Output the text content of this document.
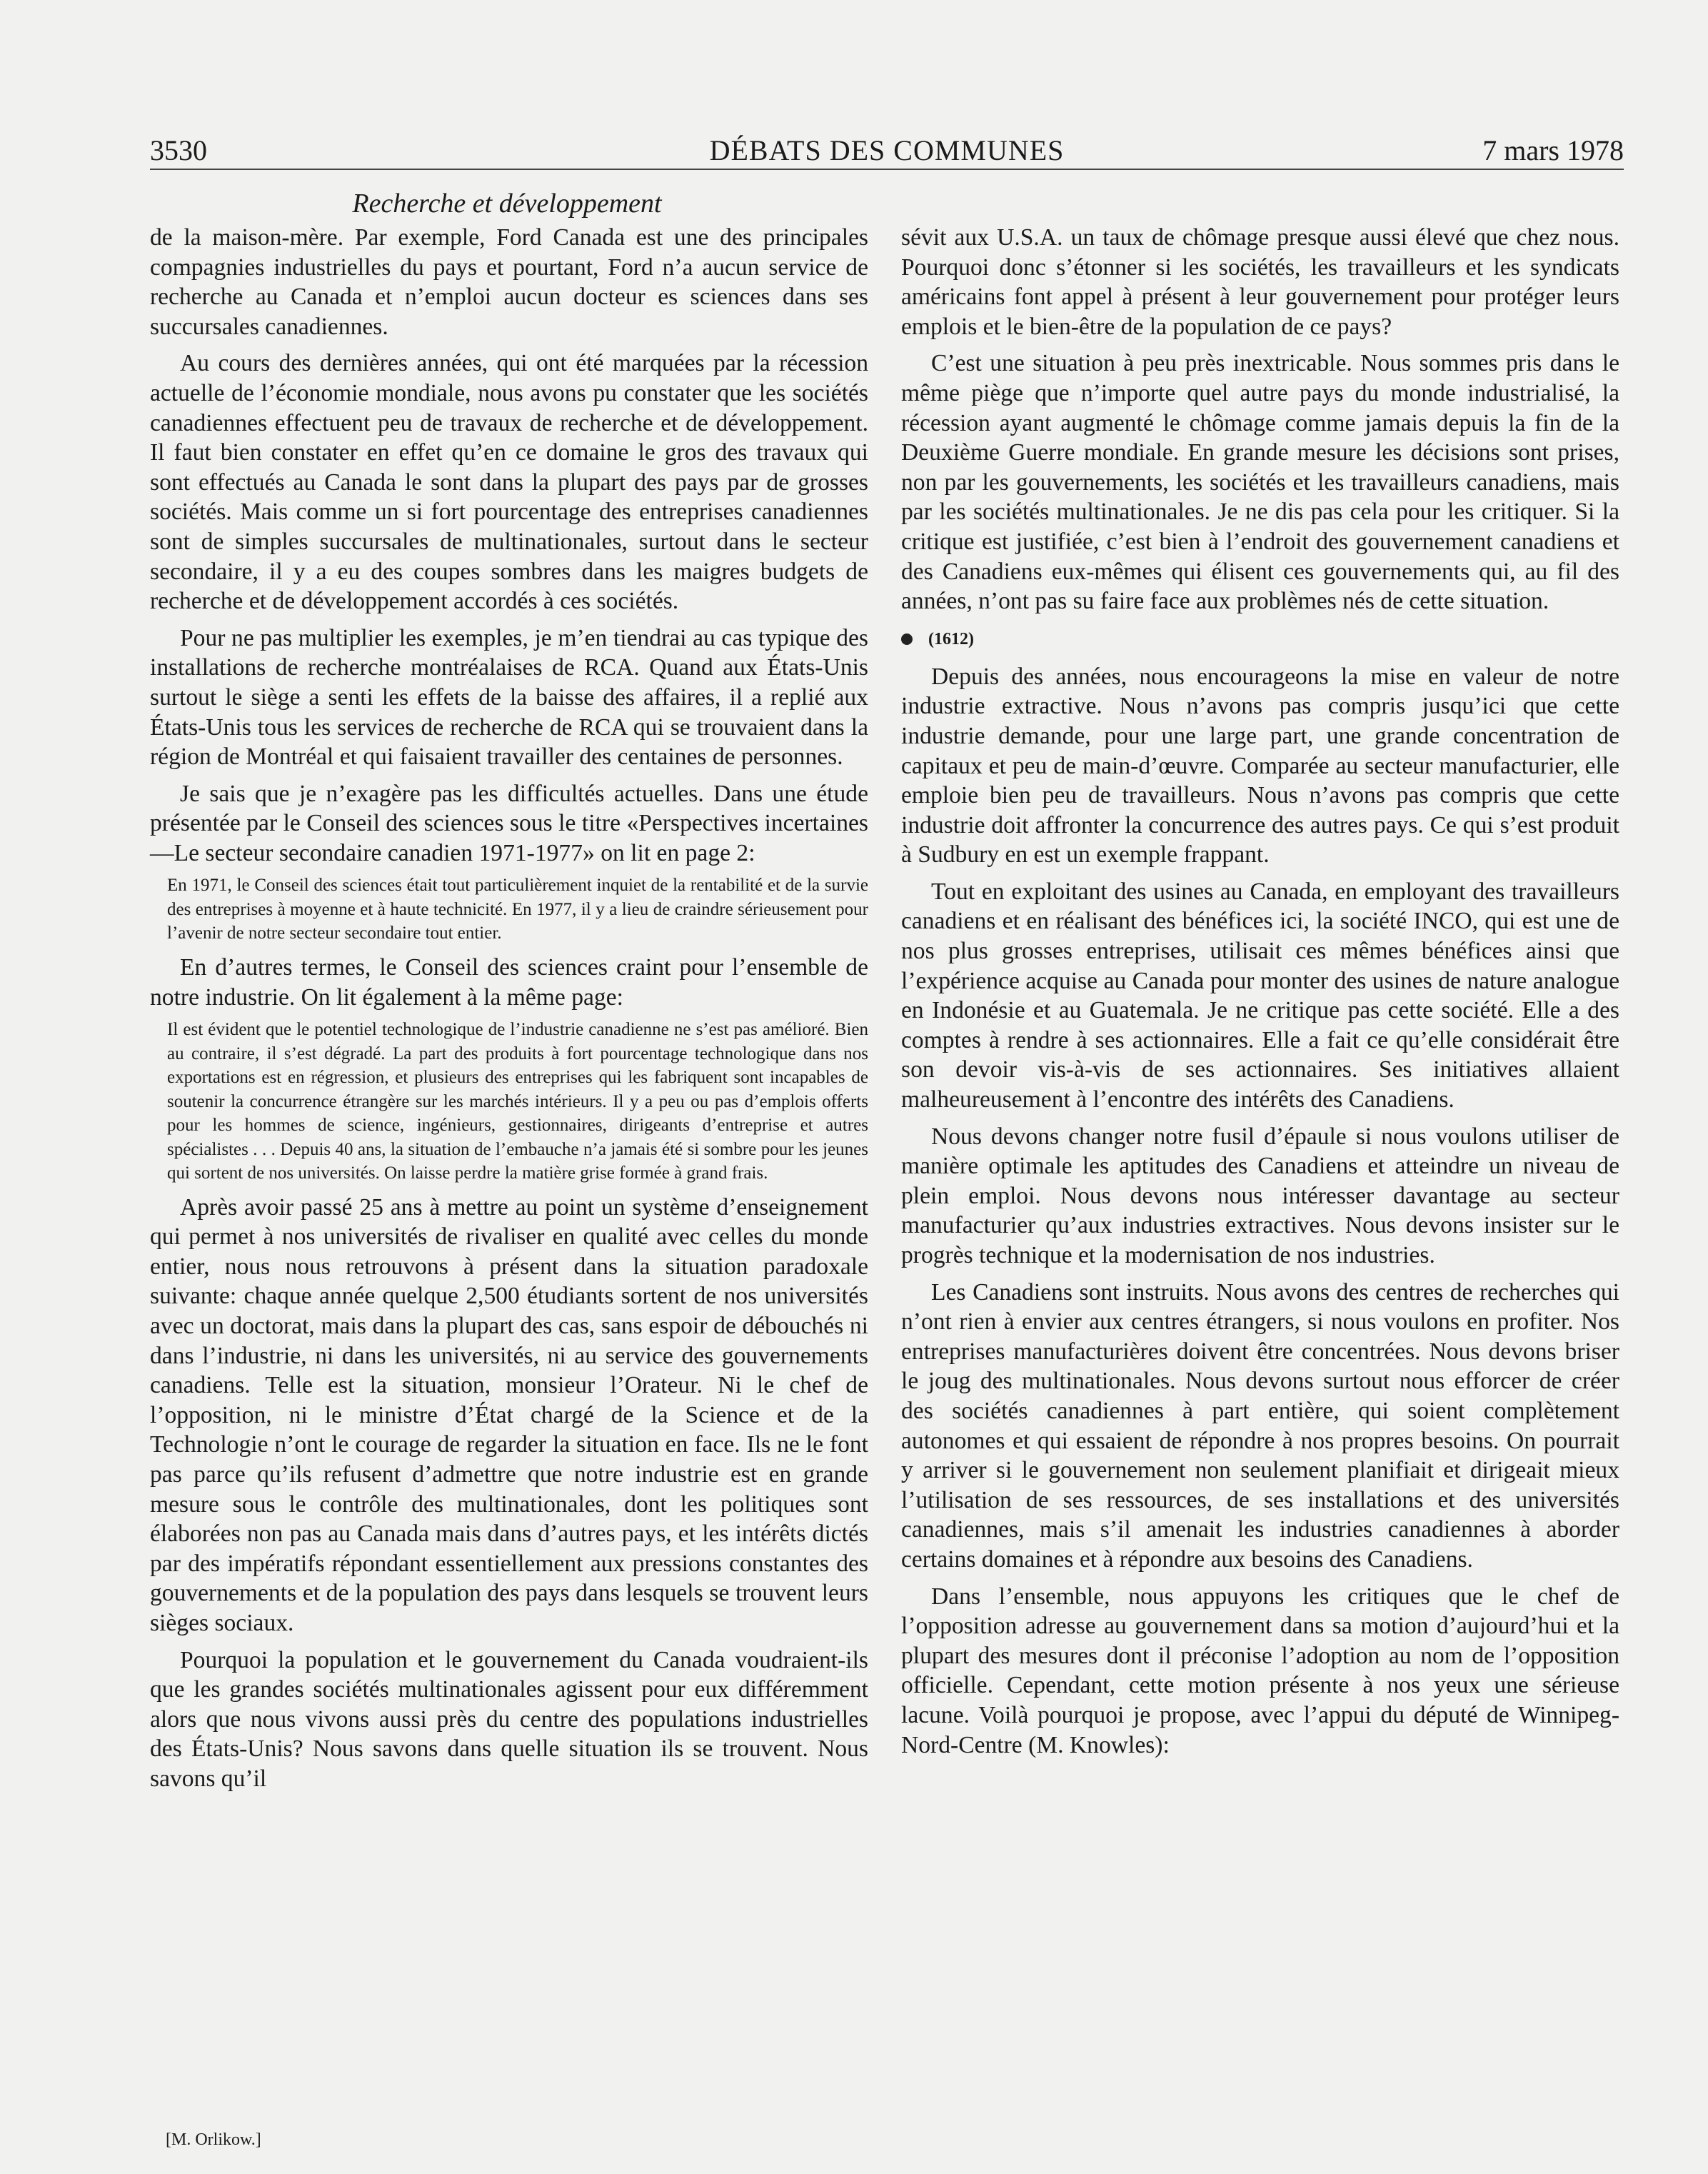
3530	DÉBATS DES COMMUNES	7 mars 1978
Recherche et développement

de la maison-mère. Par exemple, Ford Canada est une des principales compagnies industrielles du pays et pourtant, Ford n’a aucun service de recherche au Canada et n’emploi aucun docteur es sciences dans ses succursales canadiennes.

Au cours des dernières années, qui ont été marquées par la récession actuelle de l’économie mondiale, nous avons pu constater que les sociétés canadiennes effectuent peu de travaux de recherche et de développement. Il faut bien constater en effet qu’en ce domaine le gros des travaux qui sont effectués au Canada le sont dans la plupart des pays par de grosses sociétés. Mais comme un si fort pourcentage des entreprises canadiennes sont de simples succursales de multinationales, surtout dans le secteur secondaire, il y a eu des coupes sombres dans les maigres budgets de recherche et de développement accordés à ces sociétés.

Pour ne pas multiplier les exemples, je m’en tiendrai au cas typique des installations de recherche montréalaises de RCA. Quand aux États-Unis surtout le siège a senti les effets de la baisse des affaires, il a replié aux États-Unis tous les services de recherche de RCA qui se trouvaient dans la région de Montréal et qui faisaient travailler des centaines de personnes.

Je sais que je n’exagère pas les difficultés actuelles. Dans une étude présentée par le Conseil des sciences sous le titre «Perspectives incertaines—Le secteur secondaire canadien 1971-1977» on lit en page 2:

En 1971, le Conseil des sciences était tout particulièrement inquiet de la rentabilité et de la survie des entreprises à moyenne et à haute technicité. En 1977, il y a lieu de craindre sérieusement pour l’avenir de notre secteur secondaire tout entier.

En d’autres termes, le Conseil des sciences craint pour l’ensemble de notre industrie. On lit également à la même page:

Il est évident que le potentiel technologique de l’industrie canadienne ne s’est pas amélioré. Bien au contraire, il s’est dégradé. La part des produits à fort pourcentage technologique dans nos exportations est en régression, et plusieurs des entreprises qui les fabriquent sont incapables de soutenir la concurrence étrangère sur les marchés intérieurs. Il y a peu ou pas d’emplois offerts pour les hommes de science, ingénieurs, gestionnaires, dirigeants d’entreprise et autres spécialistes . . . Depuis 40 ans, la situation de l’embauche n’a jamais été si sombre pour les jeunes qui sortent de nos universités. On laisse perdre la matière grise formée à grand frais.

Après avoir passé 25 ans à mettre au point un système d’enseignement qui permet à nos universités de rivaliser en qualité avec celles du monde entier, nous nous retrouvons à présent dans la situation paradoxale suivante: chaque année quelque 2,500 étudiants sortent de nos universités avec un doctorat, mais dans la plupart des cas, sans espoir de débouchés ni dans l’industrie, ni dans les universités, ni au service des gouvernements canadiens. Telle est la situation, monsieur l’Orateur. Ni le chef de l’opposition, ni le ministre d’État chargé de la Science et de la Technologie n’ont le courage de regarder la situation en face. Ils ne le font pas parce qu’ils refusent d’admettre que notre industrie est en grande mesure sous le contrôle des multinationales, dont les politiques sont élaborées non pas au Canada mais dans d’autres pays, et les intérêts dictés par des impératifs répondant essentiellement aux pressions constantes des gouvernements et de la population des pays dans lesquels se trouvent leurs sièges sociaux.

Pourquoi la population et le gouvernement du Canada voudraient-ils que les grandes sociétés multinationales agissent pour eux différemment alors que nous vivons aussi près du centre des populations industrielles des États-Unis? Nous savons dans quelle situation ils se trouvent. Nous savons qu’il

[M. Orlikow.]

sévit aux U.S.A. un taux de chômage presque aussi élevé que chez nous. Pourquoi donc s’étonner si les sociétés, les travailleurs et les syndicats américains font appel à présent à leur gouvernement pour protéger leurs emplois et le bien-être de la population de ce pays?

C’est une situation à peu près inextricable. Nous sommes pris dans le même piège que n’importe quel autre pays du monde industrialisé, la récession ayant augmenté le chômage comme jamais depuis la fin de la Deuxième Guerre mondiale. En grande mesure les décisions sont prises, non par les gouvernements, les sociétés et les travailleurs canadiens, mais par les sociétés multinationales. Je ne dis pas cela pour les critiquer. Si la critique est justifiée, c’est bien à l’endroit des gouvernement canadiens et des Canadiens eux-mêmes qui élisent ces gouvernements qui, au fil des années, n’ont pas su faire face aux problèmes nés de cette situation.

(1612)

Depuis des années, nous encourageons la mise en valeur de notre industrie extractive. Nous n’avons pas compris jusqu’ici que cette industrie demande, pour une large part, une grande concentration de capitaux et peu de main-d’œuvre. Comparée au secteur manufacturier, elle emploie bien peu de travailleurs. Nous n’avons pas compris que cette industrie doit affronter la concurrence des autres pays. Ce qui s’est produit à Sudbury en est un exemple frappant.

Tout en exploitant des usines au Canada, en employant des travailleurs canadiens et en réalisant des bénéfices ici, la société INCO, qui est une de nos plus grosses entreprises, utilisait ces mêmes bénéfices ainsi que l’expérience acquise au Canada pour monter des usines de nature analogue en Indonésie et au Guatemala. Je ne critique pas cette société. Elle a des comptes à rendre à ses actionnaires. Elle a fait ce qu’elle considérait être son devoir vis-à-vis de ses actionnaires. Ses initiatives allaient malheureusement à l’encontre des intérêts des Canadiens.

Nous devons changer notre fusil d’épaule si nous voulons utiliser de manière optimale les aptitudes des Canadiens et atteindre un niveau de plein emploi. Nous devons nous intéresser davantage au secteur manufacturier qu’aux industries extractives. Nous devons insister sur le progrès technique et la modernisation de nos industries.

Les Canadiens sont instruits. Nous avons des centres de recherches qui n’ont rien à envier aux centres étrangers, si nous voulons en profiter. Nos entreprises manufacturières doivent être concentrées. Nous devons briser le joug des multinationales. Nous devons surtout nous efforcer de créer des sociétés canadiennes à part entière, qui soient complètement autonomes et qui essaient de répondre à nos propres besoins. On pourrait y arriver si le gouvernement non seulement planifiait et dirigeait mieux l’utilisation de ses ressources, de ses installations et des universités canadiennes, mais s’il amenait les industries canadiennes à aborder certains domaines et à répondre aux besoins des Canadiens.

Dans l’ensemble, nous appuyons les critiques que le chef de l’opposition adresse au gouvernement dans sa motion d’aujourd’hui et la plupart des mesures dont il préconise l’adoption au nom de l’opposition officielle. Cependant, cette motion présente à nos yeux une sérieuse lacune. Voilà pourquoi je propose, avec l’appui du député de Winnipeg-Nord-Centre (M. Knowles):
